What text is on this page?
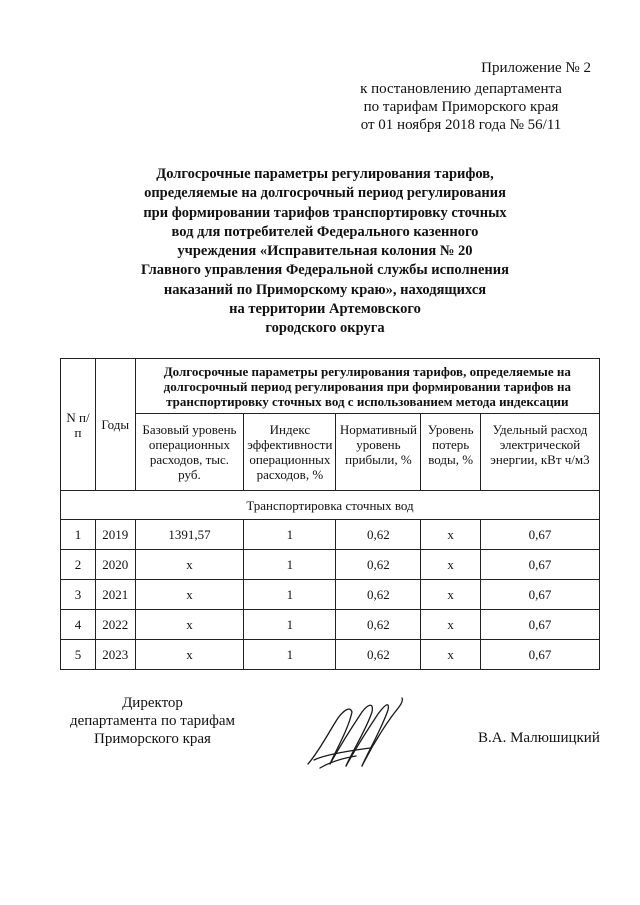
Приложение № 2
к постановлению департамента
по тарифам Приморского края
от 01 ноября 2018 года № 56/11
Долгосрочные параметры регулирования тарифов,
определяемые на долгосрочный период регулирования
при формировании тарифов транспортировку сточных
вод для потребителей Федерального казенного
учреждения «Исправительная колония № 20
Главного управления Федеральной службы исполнения
наказаний по Приморскому краю», находящихся
на территории Артемовского
городского округа
N п/п	Годы	Долгосрочные параметры регулирования тарифов, определяемые на долгосрочный период регулирования при формировании тарифов на транспортировку сточных вод с использованием метода индексации				
		Базовый уровень операционных расходов, тыс. руб.	Индекс эффективности операционных расходов, %	Нормативный уровень прибыли, %	Уровень потерь воды, %	Удельный расход электрической энергии, кВт ч/м3
Транспортировка сточных вод						
1	2019	1391,57	1	0,62	х	0,67
2	2020	х	1	0,62	х	0,67
3	2021	х	1	0,62	х	0,67
4	2022	х	1	0,62	х	0,67
5	2023	х	1	0,62	х	0,67
Директор
департамента по тарифам
Приморского края	В.А. Малюшицкий
